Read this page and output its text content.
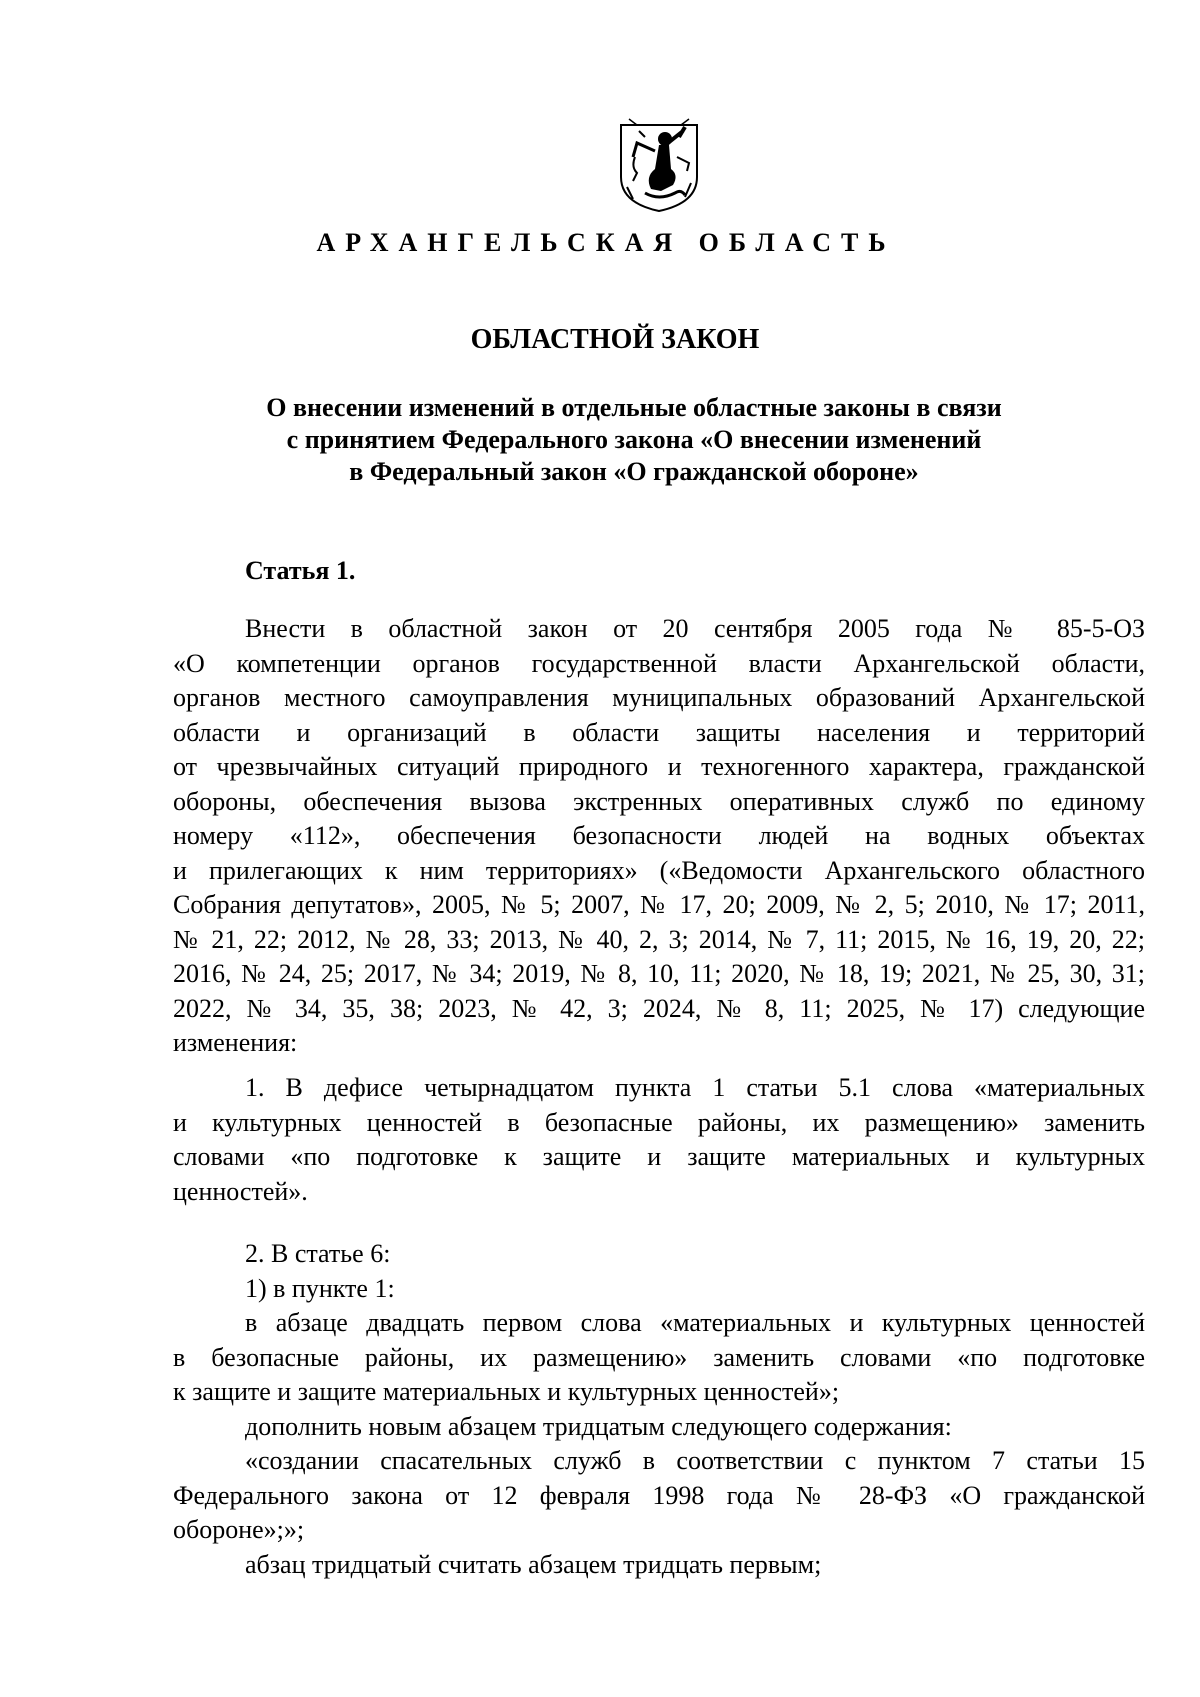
АРХАНГЕЛЬСКАЯ ОБЛАСТЬ
ОБЛАСТНОЙ ЗАКОН
О внесении изменений в отдельные областные законы в связи
с принятием Федерального закона «О внесении изменений
в Федеральный закон «О гражданской обороне»
Статья 1.
Внести в областной закон от 20 сентября 2005 года № 85-5-ОЗ
«О компетенции органов государственной власти Архангельской области,
органов местного самоуправления муниципальных образований Архангельской
области и организаций в области защиты населения и территорий
от чрезвычайных ситуаций природного и техногенного характера, гражданской
обороны, обеспечения вызова экстренных оперативных служб по единому
номеру «112», обеспечения безопасности людей на водных объектах
и прилегающих к ним территориях» («Ведомости Архангельского областного
Собрания депутатов», 2005, № 5; 2007, № 17, 20; 2009, № 2, 5; 2010, № 17; 2011,
№ 21, 22; 2012, № 28, 33; 2013, № 40, 2, 3; 2014, № 7, 11; 2015, № 16, 19, 20, 22;
2016, № 24, 25; 2017, № 34; 2019, № 8, 10, 11; 2020, № 18, 19; 2021, № 25, 30, 31;
2022, № 34, 35, 38; 2023, № 42, 3; 2024, № 8, 11; 2025, № 17) следующие
изменения:
1. В дефисе четырнадцатом пункта 1 статьи 5.1 слова «материальных
и культурных ценностей в безопасные районы, их размещению» заменить
словами «по подготовке к защите и защите материальных и культурных
ценностей».
2. В статье 6:
1) в пункте 1:
в абзаце двадцать первом слова «материальных и культурных ценностей
в безопасные районы, их размещению» заменить словами «по подготовке
к защите и защите материальных и культурных ценностей»;
дополнить новым абзацем тридцатым следующего содержания:
«создании спасательных служб в соответствии с пунктом 7 статьи 15
Федерального закона от 12 февраля 1998 года № 28-ФЗ «О гражданской
обороне»;»;
абзац тридцатый считать абзацем тридцать первым;
